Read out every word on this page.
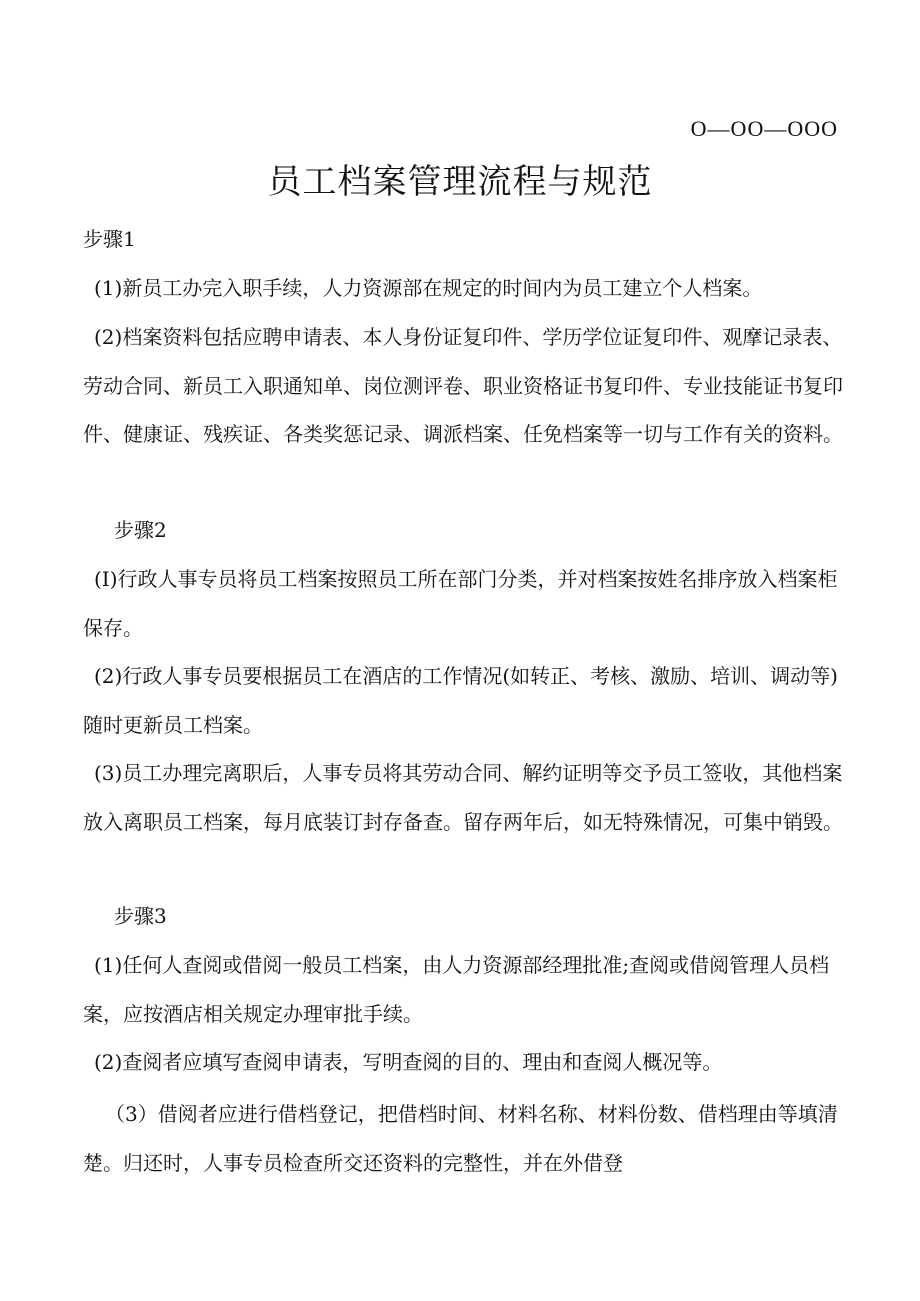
O—OO—OOO
员工档案管理流程与规范

步骤1

(1)新员工办完入职手续，人力资源部在规定的时间内为员工建立个人档案。

(2)档案资料包括应聘申请表、本人身份证复印件、学历学位证复印件、观摩记录表、劳动合同、新员工入职通知单、岗位测评卷、职业资格证书复印件、专业技能证书复印件、健康证、残疾证、各类奖惩记录、调派档案、任免档案等一切与工作有关的资料。

步骤2

(I)行政人事专员将员工档案按照员工所在部门分类，并对档案按姓名排序放入档案柜保存。

(2)行政人事专员要根据员工在酒店的工作情况(如转正、考核、激励、培训、调动等)随时更新员工档案。

(3)员工办理完离职后，人事专员将其劳动合同、解约证明等交予员工签收，其他档案放入离职员工档案，每月底装订封存备查。留存两年后，如无特殊情况，可集中销毁。

步骤3

(1)任何人查阅或借阅一般员工档案，由人力资源部经理批准;查阅或借阅管理人员档案，应按酒店相关规定办理审批手续。

(2)查阅者应填写查阅申请表，写明查阅的目的、理由和查阅人概况等。

（3）借阅者应进行借档登记，把借档时间、材料名称、材料份数、借档理由等填清楚。归还时，人事专员检查所交还资料的完整性，并在外借登
